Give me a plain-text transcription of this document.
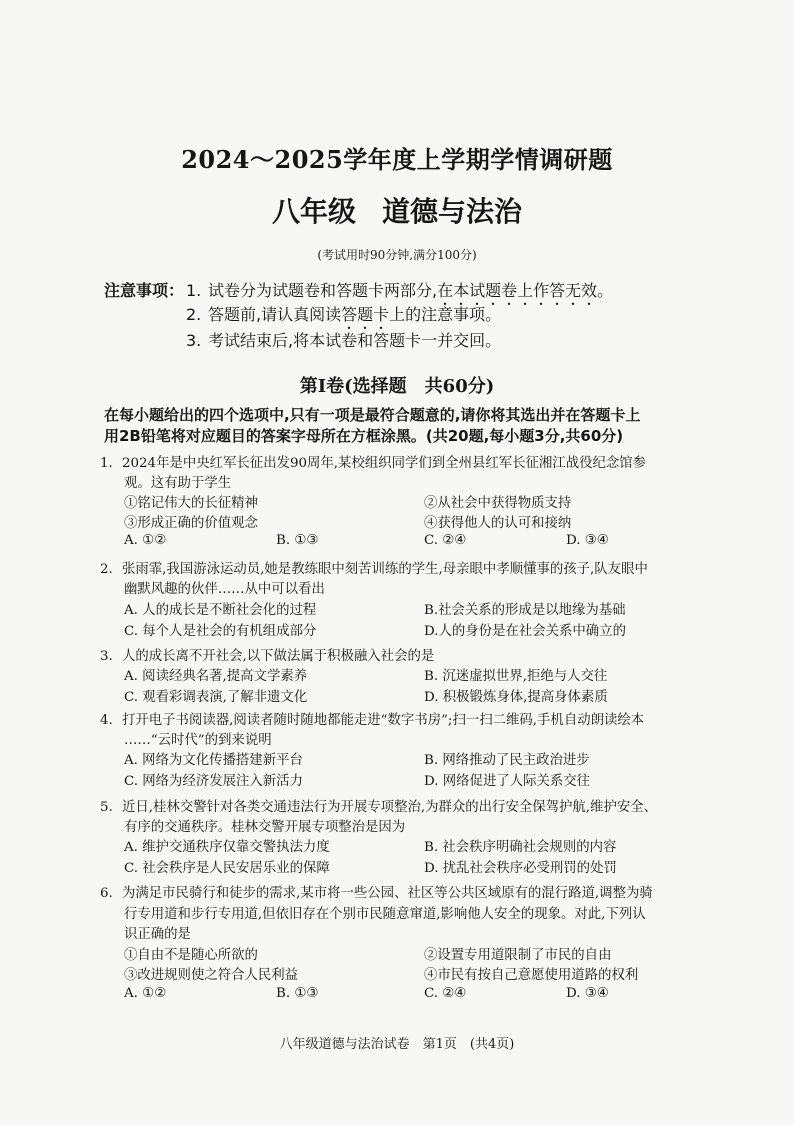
2024～2025学年度上学期学情调研题
八年级 道德与法治
(考试用时90分钟,满分100分)
注意事项： 1. 试卷分为试题卷和答题卡两部分,在本试题卷上作答无效。
2. 答题前,请认真阅读答题卡上的注意事项。
3. 考试结束后,将本试卷和答题卡一并交回。
第Ⅰ卷(选择题　共60分)
在每小题给出的四个选项中,只有一项是最符合题意的,请你将其选出并在答题卡上
用2B铅笔将对应题目的答案字母所在方框涂黑。(共20题,每小题3分,共60分)
1. 2024年是中央红军长征出发90周年,某校组织同学们到全州县红军长征湘江战役纪念馆参
观。这有助于学生
①铭记伟大的长征精神	②从社会中获得物质支持
③形成正确的价值观念	④获得他人的认可和接纳
A. ①②	B. ①③	C. ②④	D. ③④
2. 张雨霏,我国游泳运动员,她是教练眼中刻苦训练的学生,母亲眼中孝顺懂事的孩子,队友眼中
幽默风趣的伙伴……从中可以看出
A. 人的成长是不断社会化的过程	B.社会关系的形成是以地缘为基础
C. 每个人是社会的有机组成部分	D.人的身份是在社会关系中确立的
3. 人的成长离不开社会,以下做法属于积极融入社会的是
A. 阅读经典名著,提高文学素养	B. 沉迷虚拟世界,拒绝与人交往
C. 观看彩调表演,了解非遗文化	D. 积极锻炼身体,提高身体素质
4. 打开电子书阅读器,阅读者随时随地都能走进“数字书房”;扫一扫二维码,手机自动朗读绘本
……“云时代”的到来说明
A. 网络为文化传播搭建新平台	B. 网络推动了民主政治进步
C. 网络为经济发展注入新活力	D. 网络促进了人际关系交往
5. 近日,桂林交警针对各类交通违法行为开展专项整治,为群众的出行安全保驾护航,维护安全、
有序的交通秩序。桂林交警开展专项整治是因为
A. 维护交通秩序仅靠交警执法力度	B. 社会秩序明确社会规则的内容
C. 社会秩序是人民安居乐业的保障	D. 扰乱社会秩序必受刑罚的处罚
6. 为满足市民骑行和徒步的需求,某市将一些公园、社区等公共区域原有的混行路道,调整为骑
行专用道和步行专用道,但依旧存在个别市民随意窜道,影响他人安全的现象。对此,下列认
识正确的是
①自由不是随心所欲的	②设置专用道限制了市民的自由
③改进规则使之符合人民利益	④市民有按自己意愿使用道路的权利
A. ①②	B. ①③	C. ②④	D. ③④
八年级道德与法治试卷　第1页　(共4页)
